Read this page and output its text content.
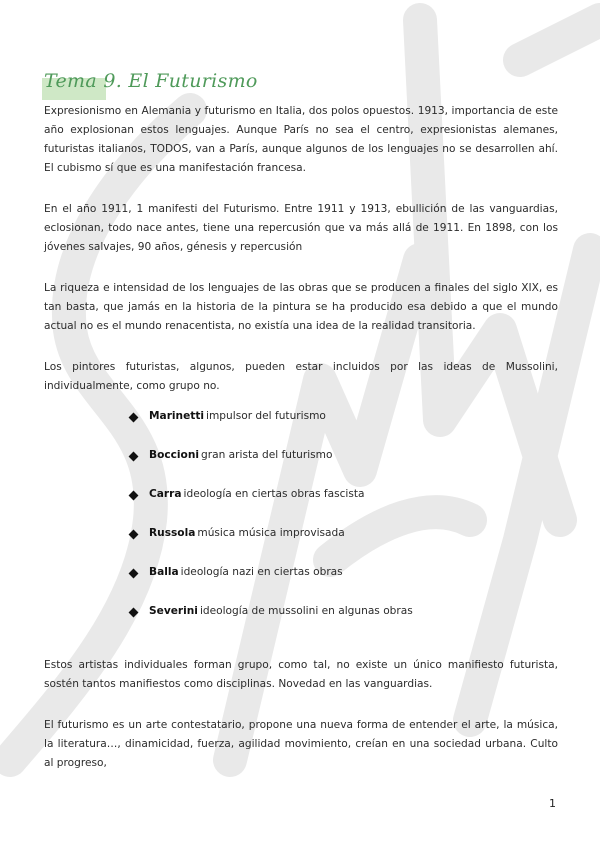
Tema 9. El Futurismo

Expresionismo en Alemania y futurismo en Italia, dos polos opuestos. 1913, importancia de este año explosionan estos lenguajes. Aunque París no sea el centro, expresionistas alemanes, futuristas italianos, TODOS, van a París, aunque algunos de los lenguajes no se desarrollen ahí. El cubismo sí que es una manifestación francesa.

En el año 1911, 1 manifesti del Futurismo. Entre 1911 y 1913, ebullición de las vanguardias, eclosionan, todo nace antes, tiene una repercusión que va más allá de 1911. En 1898, con los jóvenes salvajes, 90 años, génesis y repercusión

La riqueza e intensidad de los lenguajes de las obras que se producen a finales del siglo XIX, es tan basta, que jamás en la historia de la pintura se ha producido esa debido a que el mundo actual no es el mundo renacentista, no existía una idea de la realidad transitoria.

Los pintores futuristas, algunos, pueden estar incluidos por las ideas de Mussolini, individualmente, como grupo no.

Marinetti impulsor del futurismo
Boccioni gran arista del futurismo
Carra ideología en ciertas obras fascista
Russola música música improvisada
Balla ideología nazi en ciertas obras
Severini ideología de mussolini en algunas obras

Estos artistas individuales forman grupo, como tal, no existe un único manifiesto futurista, sostén tantos manifiestos como disciplinas. Novedad en las vanguardias.

El futurismo es un arte contestatario, propone una nueva forma de entender el arte, la música, la literatura…, dinamicidad, fuerza, agilidad movimiento, creían en una sociedad urbana. Culto al progreso,

1
